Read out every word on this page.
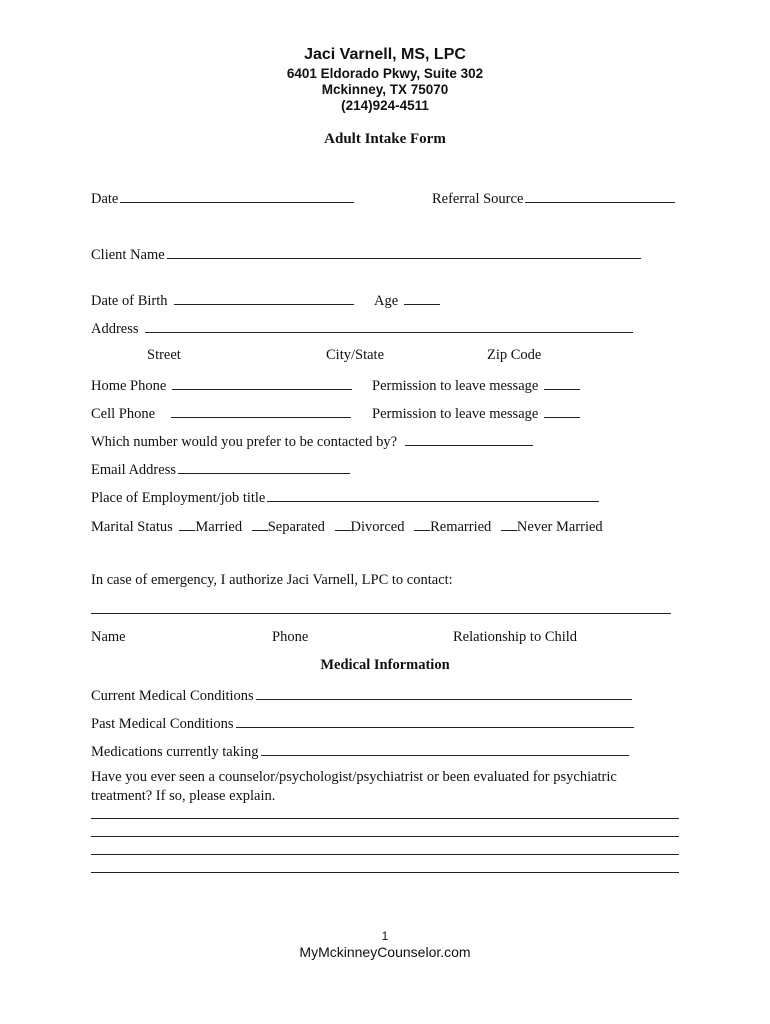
Jaci Varnell, MS, LPC
6401 Eldorado Pkwy, Suite 302
Mckinney, TX 75070
(214)924-4511
Adult Intake Form
Date	Referral Source
Client Name
Date of Birth	Age
Address
Street	City/State	Zip Code
Home Phone	Permission to leave message
Cell Phone	Permission to leave message
Which number would you prefer to be contacted by?
Email Address
Place of Employment/job title
Marital Status Married Separated Divorced Remarried Never Married
In case of emergency, I authorize Jaci Varnell, LPC to contact:
Name	Phone	Relationship to Child
Medical Information
Current Medical Conditions
Past Medical Conditions
Medications currently taking
Have you ever seen a counselor/psychologist/psychiatrist or been evaluated for psychiatric
treatment? If so, please explain.
1
MyMckinneyCounselor.com
